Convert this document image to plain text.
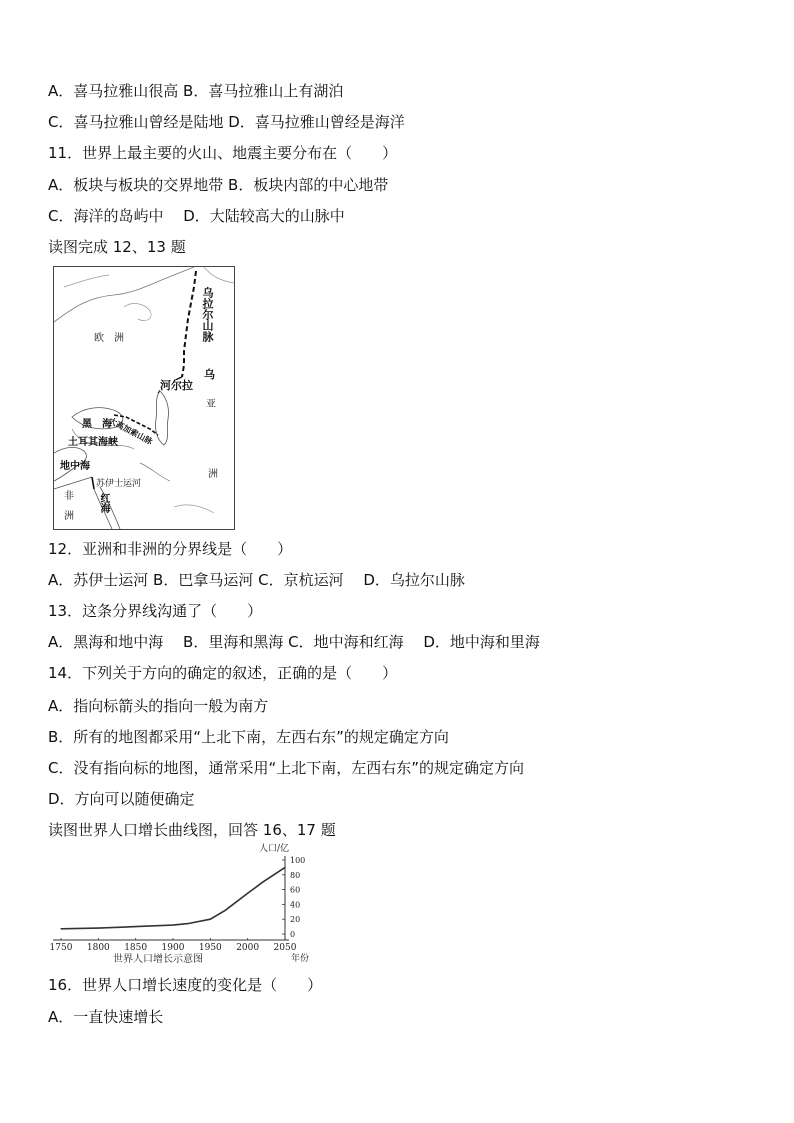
A．喜马拉雅山很高 B．喜马拉雅山上有湖泊
C．喜马拉雅山曾经是陆地 D．喜马拉雅山曾经是海洋
11．世界上最主要的火山、地震主要分布在（　　）
A．板块与板块的交界地带 B．板块内部的中心地带
C．海洋的岛屿中　 D．大陆较高大的山脉中
读图完成 12、13 题
乌拉尔山脉
欧　洲
乌
河尔拉
亚
洲
黑　海
大高加索山脉
土耳其海峡
地中海
苏伊士运河
红海
非
洲
12．亚洲和非洲的分界线是（　　）
A．苏伊士运河 B．巴拿马运河 C．京杭运河　 D．乌拉尔山脉
13．这条分界线沟通了（　　）
A．黑海和地中海　 B．里海和黑海 C．地中海和红海　 D．地中海和里海
14．下列关于方向的确定的叙述，正确的是（　　）
A．指向标箭头的指向一般为南方
B．所有的地图都采用“上北下南，左西右东”的规定确定方向
C．没有指向标的地图，通常采用“上北下南，左西右东”的规定确定方向
D．方向可以随便确定
读图世界人口增长曲线图，回答 16、17 题
1750 1800 1850 1900 1950 2000 2050
0
20
40
60
80
100
人口/亿
世界人口增长示意图	年份
16．世界人口增长速度的变化是（　　）
A．一直快速增长
